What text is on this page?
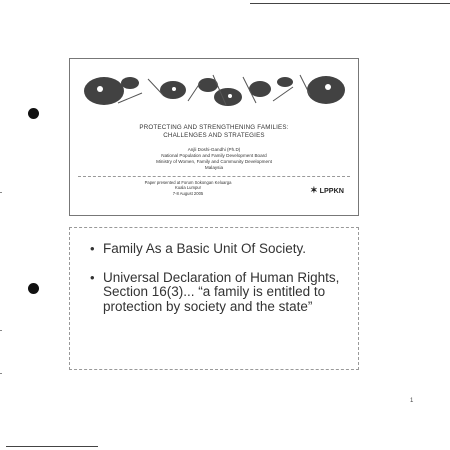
PROTECTING AND STRENGTHENING FAMILIES:
CHALLENGES AND STRATEGIES
Anjli Doshi-Gandhi (Ph.D)
National Population and Family Development Board
Ministry of Women, Family and Community Development
Malaysia
Paper presented at Forum Sokongan Keluarga
Kuala Lumpur
7-8 August 2005	✶ LPPKN
• Family As a Basic Unit Of Society.
• Universal Declaration of Human Rights, Section 16(3)... “a family is entitled to protection by society and the state”
1
